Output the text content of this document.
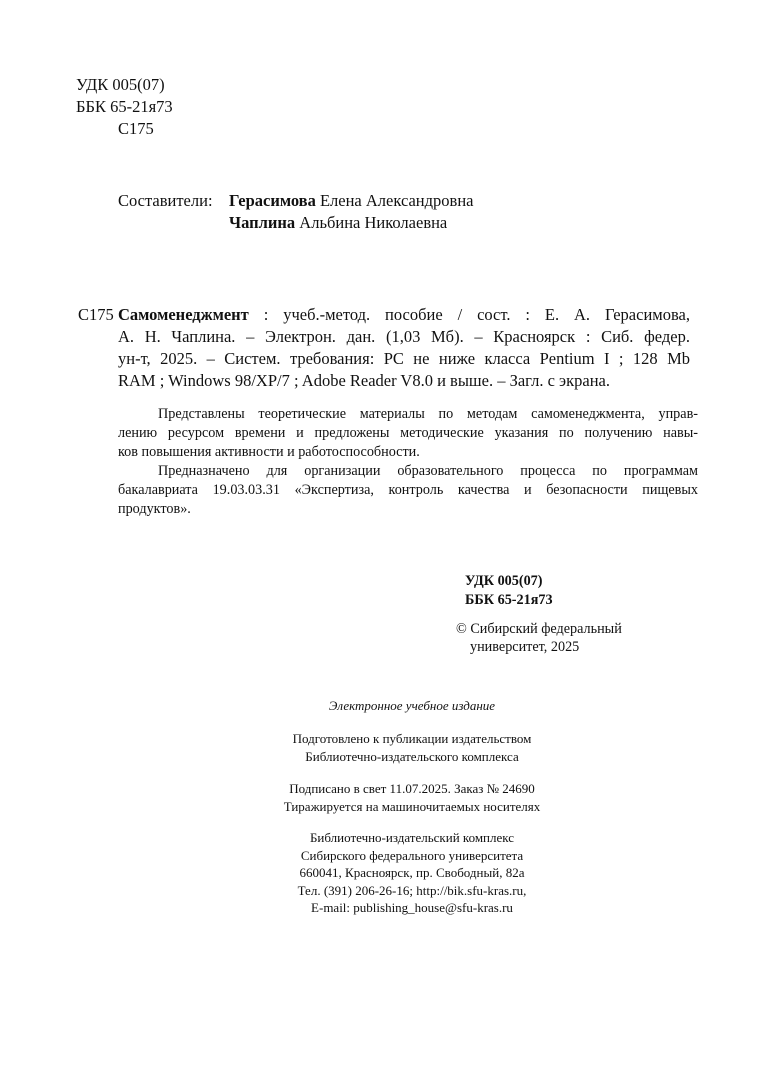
УДК 005(07)
ББК 65-21я73
С175
Составители: Герасимова Елена Александровна
Чаплина Альбина Николаевна
С175 Самоменеджмент : учеб.-метод. пособие / сост. : Е. А. Герасимова,
А. Н. Чаплина. – Электрон. дан. (1,03 Мб). – Красноярск : Сиб. федер.
ун-т, 2025. – Систем. требования: PC не ниже класса Pentium I ; 128 Mb
RAM ; Windows 98/XP/7 ; Adobe Reader V8.0 и выше. – Загл. с экрана.
Представлены теоретические материалы по методам самоменеджмента, управ-
лению ресурсом времени и предложены методические указания по получению навы-
ков повышения активности и работоспособности.
Предназначено для организации образовательного процесса по программам
бакалавриата 19.03.03.31 «Экспертиза, контроль качества и безопасности пищевых
продуктов».
УДК 005(07)
ББК 65-21я73
© Сибирский федеральный
университет, 2025
Электронное учебное издание
Подготовлено к публикации издательством
Библиотечно-издательского комплекса
Подписано в свет 11.07.2025. Заказ № 24690
Тиражируется на машиночитаемых носителях
Библиотечно-издательский комплекс
Сибирского федерального университета
660041, Красноярск, пр. Свободный, 82а
Тел. (391) 206-26-16; http://bik.sfu-kras.ru,
E-mail: publishing_house@sfu-kras.ru
